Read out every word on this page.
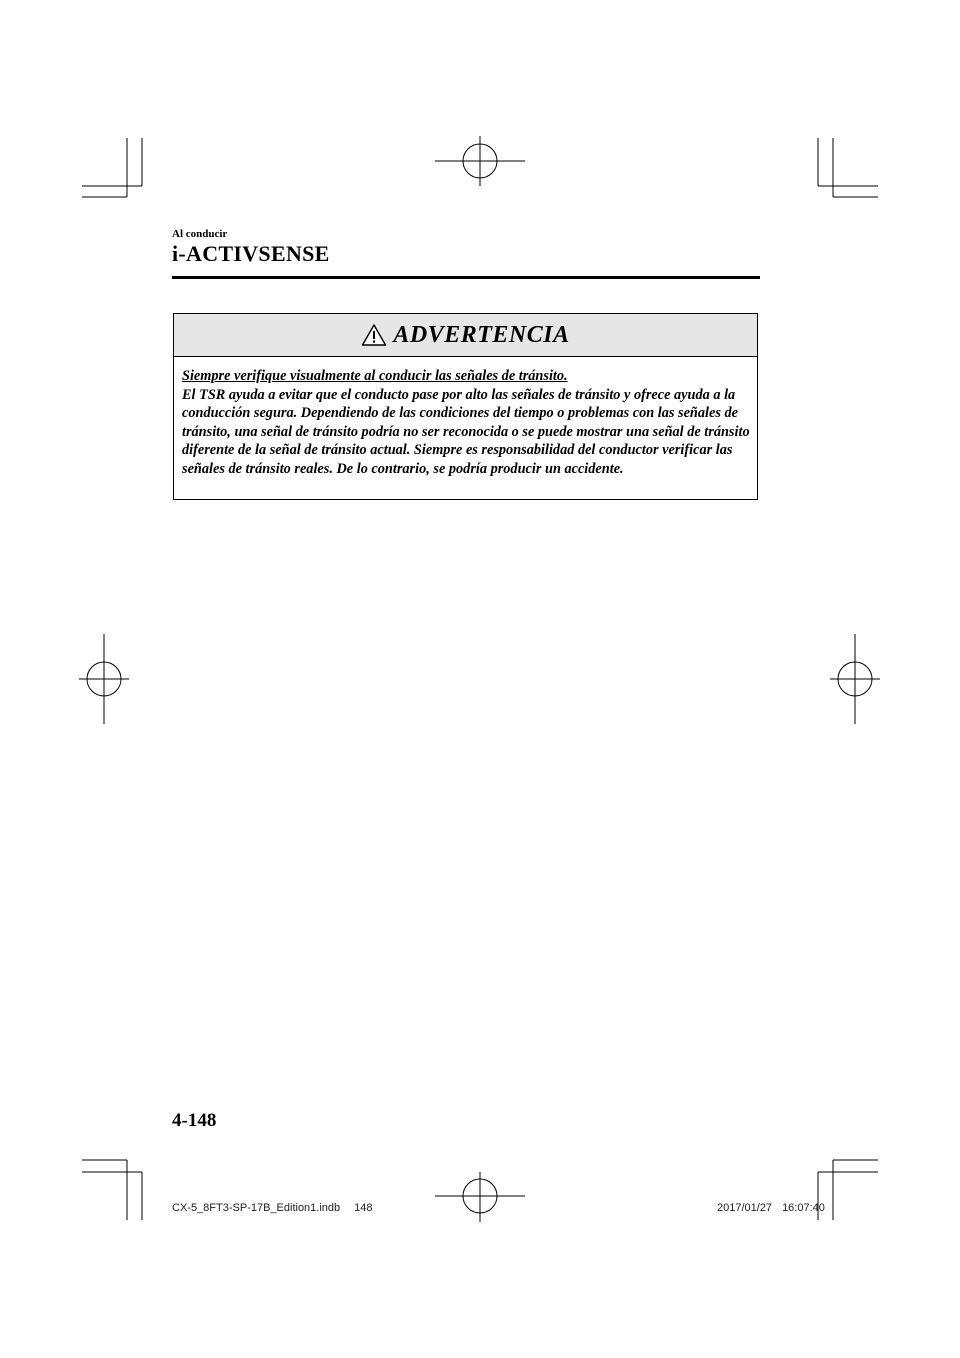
Al conducir
i-ACTIVSENSE
ADVERTENCIA
Siempre verifique visualmente al conducir las señales de tránsito.
El TSR ayuda a evitar que el conducto pase por alto las señales de tránsito y ofrece ayuda a la conducción segura. Dependiendo de las condiciones del tiempo o problemas con las señales de tránsito, una señal de tránsito podría no ser reconocida o se puede mostrar una señal de tránsito diferente de la señal de tránsito actual. Siempre es responsabilidad del conductor verificar las señales de tránsito reales. De lo contrario, se podría producir un accidente.
4-148
CX-5_8FT3-SP-17B_Edition1.indb 148	2017/01/27 16:07:40
